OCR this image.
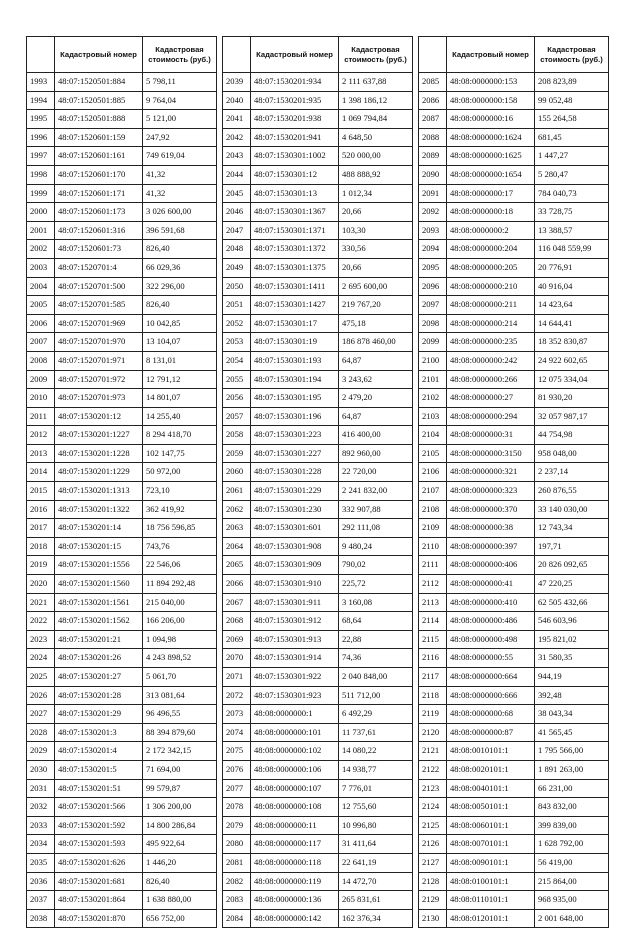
	Кадастровый номер	Кадастровая стоимость (руб.)
1993	48:07:1520501:884	5 798,11
1994	48:07:1520501:885	9 764,04
1995	48:07:1520501:888	5 121,00
1996	48:07:1520601:159	247,92
1997	48:07:1520601:161	749 619,04
1998	48:07:1520601:170	41,32
1999	48:07:1520601:171	41,32
2000	48:07:1520601:173	3 026 600,00
2001	48:07:1520601:316	396 591,68
2002	48:07:1520601:73	826,40
2003	48:07:1520701:4	66 029,36
2004	48:07:1520701:500	322 296,00
2005	48:07:1520701:585	826,40
2006	48:07:1520701:969	10 042,85
2007	48:07:1520701:970	13 104,07
2008	48:07:1520701:971	8 131,01
2009	48:07:1520701:972	12 791,12
2010	48:07:1520701:973	14 801,07
2011	48:07:1530201:12	14 255,40
2012	48:07:1530201:1227	8 294 418,70
2013	48:07:1530201:1228	102 147,75
2014	48:07:1530201:1229	50 972,00
2015	48:07:1530201:1313	723,10
2016	48:07:1530201:1322	362 419,92
2017	48:07:1530201:14	18 756 596,85
2018	48:07:1530201:15	743,76
2019	48:07:1530201:1556	22 546,06
2020	48:07:1530201:1560	11 894 292,48
2021	48:07:1530201:1561	215 040,00
2022	48:07:1530201:1562	166 206,00
2023	48:07:1530201:21	1 094,98
2024	48:07:1530201:26	4 243 898,52
2025	48:07:1530201:27	5 061,70
2026	48:07:1530201:28	313 081,64
2027	48:07:1530201:29	96 496,55
2028	48:07:1530201:3	88 394 879,60
2029	48:07:1530201:4	2 172 342,15
2030	48:07:1530201:5	71 694,00
2031	48:07:1530201:51	99 579,87
2032	48:07:1530201:566	1 306 200,00
2033	48:07:1530201:592	14 800 286,84
2034	48:07:1530201:593	495 922,64
2035	48:07:1530201:626	1 446,20
2036	48:07:1530201:681	826,40
2037	48:07:1530201:864	1 638 880,00
2038	48:07:1530201:870	656 752,00
	Кадастровый номер	Кадастровая стоимость (руб.)
2039	48:07:1530201:934	2 111 637,88
2040	48:07:1530201:935	1 398 186,12
2041	48:07:1530201:938	1 069 794,84
2042	48:07:1530201:941	4 648,50
2043	48:07:1530301:1002	520 000,00
2044	48:07:1530301:12	488 888,92
2045	48:07:1530301:13	1 012,34
2046	48:07:1530301:1367	20,66
2047	48:07:1530301:1371	103,30
2048	48:07:1530301:1372	330,56
2049	48:07:1530301:1375	20,66
2050	48:07:1530301:1411	2 695 600,00
2051	48:07:1530301:1427	219 767,20
2052	48:07:1530301:17	475,18
2053	48:07:1530301:19	186 878 460,00
2054	48:07:1530301:193	64,87
2055	48:07:1530301:194	3 243,62
2056	48:07:1530301:195	2 479,20
2057	48:07:1530301:196	64,87
2058	48:07:1530301:223	416 400,00
2059	48:07:1530301:227	892 960,00
2060	48:07:1530301:228	22 720,00
2061	48:07:1530301:229	2 241 832,00
2062	48:07:1530301:230	332 907,88
2063	48:07:1530301:601	292 111,08
2064	48:07:1530301:908	9 480,24
2065	48:07:1530301:909	790,02
2066	48:07:1530301:910	225,72
2067	48:07:1530301:911	3 160,08
2068	48:07:1530301:912	68,64
2069	48:07:1530301:913	22,88
2070	48:07:1530301:914	74,36
2071	48:07:1530301:922	2 040 848,00
2072	48:07:1530301:923	511 712,00
2073	48:08:0000000:1	6 492,29
2074	48:08:0000000:101	11 737,61
2075	48:08:0000000:102	14 080,22
2076	48:08:0000000:106	14 938,77
2077	48:08:0000000:107	7 776,01
2078	48:08:0000000:108	12 755,60
2079	48:08:0000000:11	10 996,80
2080	48:08:0000000:117	31 411,64
2081	48:08:0000000:118	22 641,19
2082	48:08:0000000:119	14 472,70
2083	48:08:0000000:136	265 831,61
2084	48:08:0000000:142	162 376,34
	Кадастровый номер	Кадастровая стоимость (руб.)
2085	48:08:0000000:153	208 823,89
2086	48:08:0000000:158	99 052,48
2087	48:08:0000000:16	155 264,58
2088	48:08:0000000:1624	681,45
2089	48:08:0000000:1625	1 447,27
2090	48:08:0000000:1654	5 280,47
2091	48:08:0000000:17	784 040,73
2092	48:08:0000000:18	33 728,75
2093	48:08:0000000:2	13 388,57
2094	48:08:0000000:204	116 048 559,99
2095	48:08:0000000:205	20 776,91
2096	48:08:0000000:210	40 916,04
2097	48:08:0000000:211	14 423,64
2098	48:08:0000000:214	14 644,41
2099	48:08:0000000:235	18 352 830,87
2100	48:08:0000000:242	24 922 602,65
2101	48:08:0000000:266	12 075 334,04
2102	48:08:0000000:27	81 930,20
2103	48:08:0000000:294	32 057 987,17
2104	48:08:0000000:31	44 754,98
2105	48:08:0000000:3150	958 048,00
2106	48:08:0000000:321	2 237,14
2107	48:08:0000000:323	260 876,55
2108	48:08:0000000:370	33 140 030,00
2109	48:08:0000000:38	12 743,34
2110	48:08:0000000:397	197,71
2111	48:08:0000000:406	20 826 092,65
2112	48:08:0000000:41	47 220,25
2113	48:08:0000000:410	62 505 432,66
2114	48:08:0000000:486	546 603,96
2115	48:08:0000000:498	195 821,02
2116	48:08:0000000:55	31 580,35
2117	48:08:0000000:664	944,19
2118	48:08:0000000:666	392,48
2119	48:08:0000000:68	38 043,34
2120	48:08:0000000:87	41 565,45
2121	48:08:0010101:1	1 795 566,00
2122	48:08:0020101:1	1 891 263,00
2123	48:08:0040101:1	66 231,00
2124	48:08:0050101:1	843 832,00
2125	48:08:0060101:1	399 839,00
2126	48:08:0070101:1	1 628 792,00
2127	48:08:0090101:1	56 419,00
2128	48:08:0100101:1	215 864,00
2129	48:08:0110101:1	968 935,00
2130	48:08:0120101:1	2 001 648,00
